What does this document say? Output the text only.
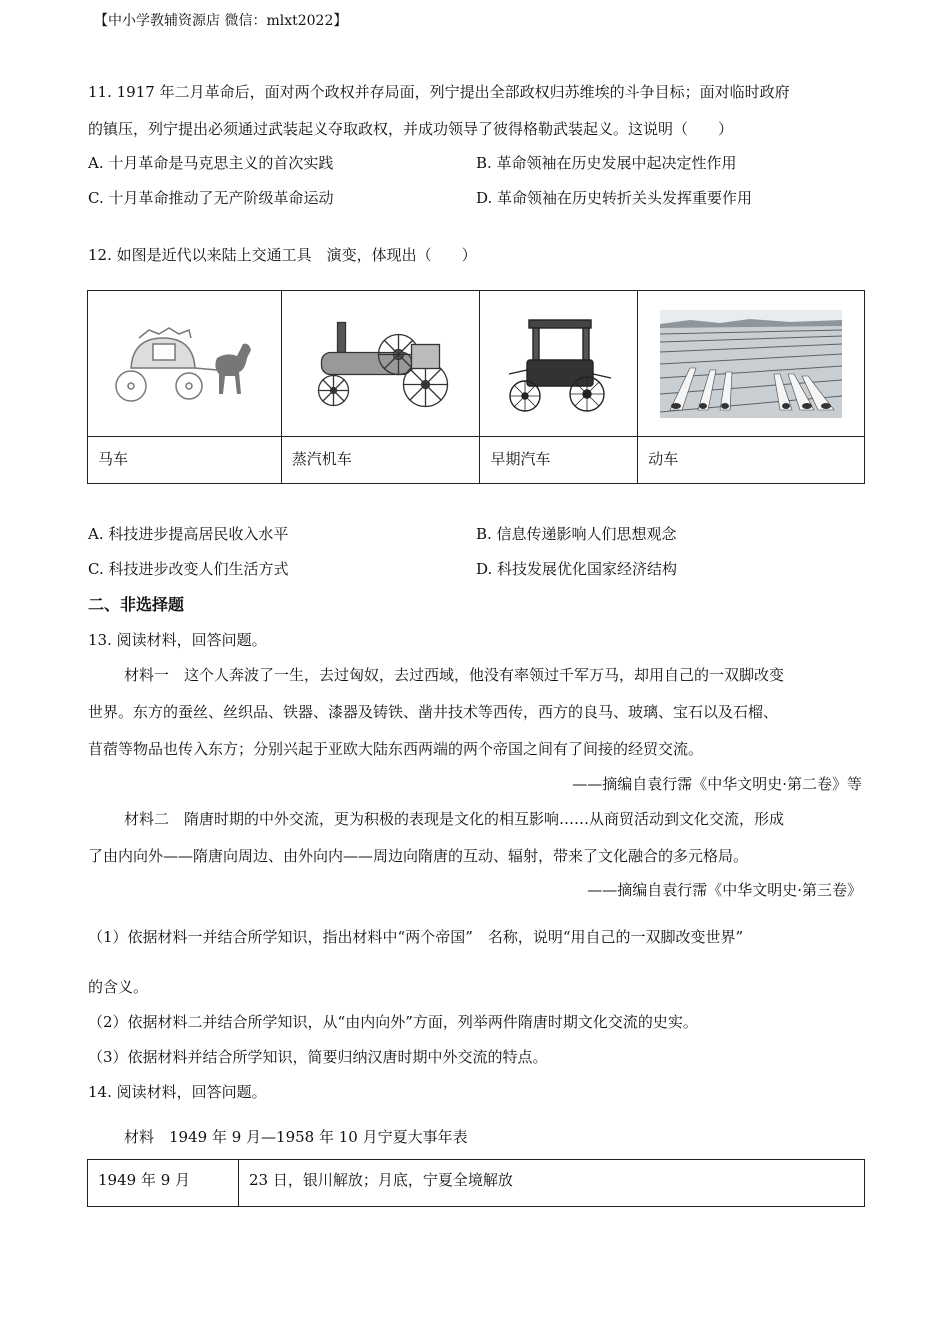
【中小学教辅资源店 微信：mlxt2022】
11. 1917 年二月革命后，面对两个政权并存局面，列宁提出全部政权归苏维埃的斗争目标；面对临时政府
的镇压，列宁提出必须通过武装起义夺取政权，并成功领导了彼得格勒武装起义。这说明（　　）
A. 十月革命是马克思主义的首次实践	B. 革命领袖在历史发展中起决定性作用
C. 十月革命推动了无产阶级革命运动	D. 革命领袖在历史转折关头发挥重要作用
12. 如图是近代以来陆上交通工具　演变，体现出（　　）

马车	蒸汽机车	早期汽车	动车
A. 科技进步提高居民收入水平	B. 信息传递影响人们思想观念
C. 科技进步改变人们生活方式	D. 科技发展优化国家经济结构
二、非选择题
13. 阅读材料，回答问题。
材料一　这个人奔波了一生，去过匈奴，去过西域，他没有率领过千军万马，却用自己的一双脚改变
世界。东方的蚕丝、丝织品、铁器、漆器及铸铁、凿井技术等西传，西方的良马、玻璃、宝石以及石榴、
苜蓿等物品也传入东方；分别兴起于亚欧大陆东西两端的两个帝国之间有了间接的经贸交流。
——摘编自袁行霈《中华文明史·第二卷》等
材料二　隋唐时期的中外交流，更为积极的表现是文化的相互影响……从商贸活动到文化交流，形成
了由内向外——隋唐向周边、由外向内——周边向隋唐的互动、辐射，带来了文化融合的多元格局。
——摘编自袁行霈《中华文明史·第三卷》
（1）依据材料一并结合所学知识，指出材料中“两个帝国”　名称，说明“用自己的一双脚改变世界”
的含义。
（2）依据材料二并结合所学知识，从“由内向外”方面，列举两件隋唐时期文化交流的史实。
（3）依据材料并结合所学知识，简要归纳汉唐时期中外交流的特点。
14. 阅读材料，回答问题。
材料　1949 年 9 月—1958 年 10 月宁夏大事年表
1949 年 9 月	23 日，银川解放；月底，宁夏全境解放
